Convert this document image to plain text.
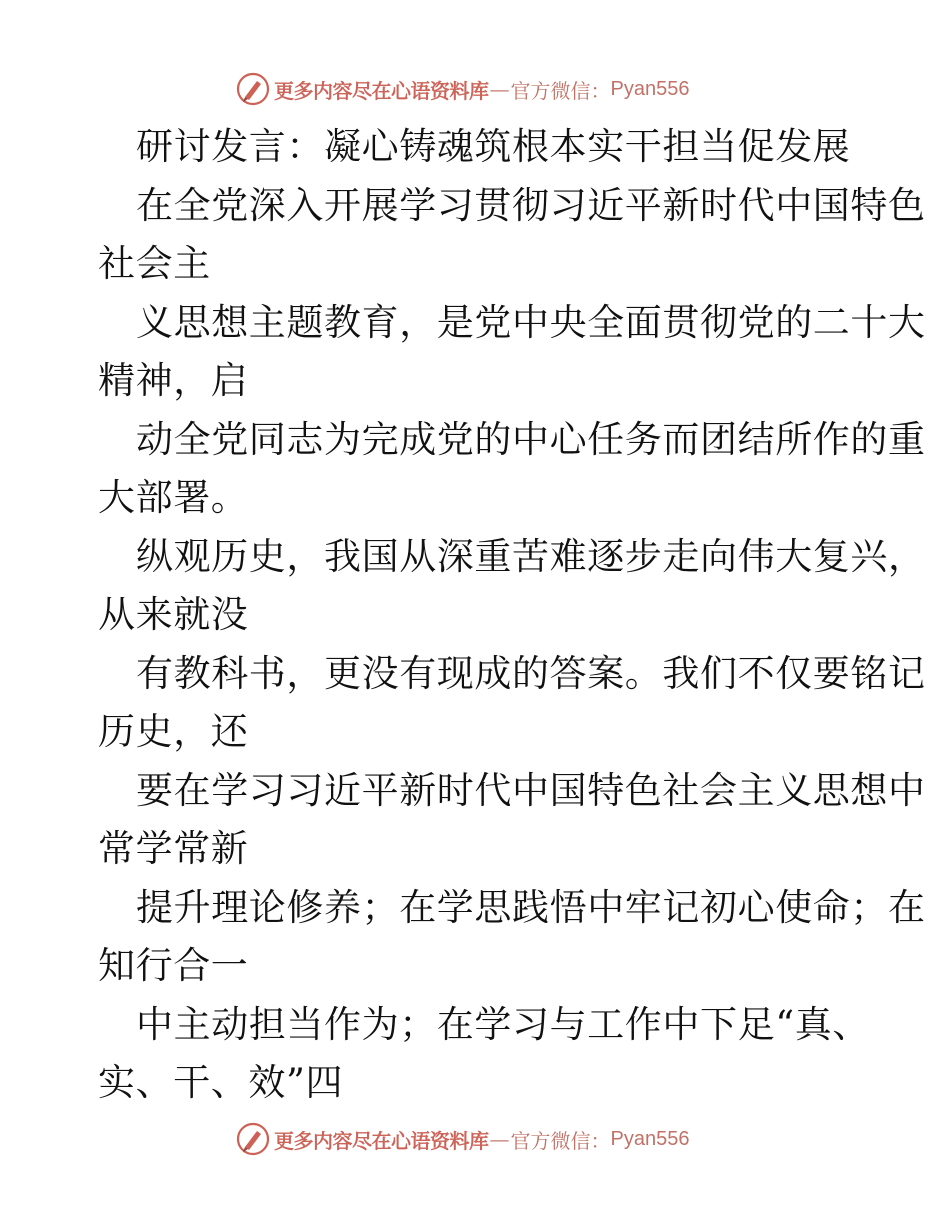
更多内容尽在心语资料库 — 官方微信： Pyan556
研讨发言：凝心铸魂筑根本实干担当促发展
在全党深入开展学习贯彻习近平新时代中国特色
社会主
义思想主题教育，是党中央全面贯彻党的二十大
精神，启
动全党同志为完成党的中心任务而团结所作的重
大部署。
纵观历史，我国从深重苦难逐步走向伟大复兴，
从来就没
有教科书，更没有现成的答案。我们不仅要铭记
历史，还
要在学习习近平新时代中国特色社会主义思想中
常学常新
提升理论修养；在学思践悟中牢记初心使命；在
知行合一
中主动担当作为；在学习与工作中下足“真、
实、干、效”四
更多内容尽在心语资料库 — 官方微信： Pyan556
